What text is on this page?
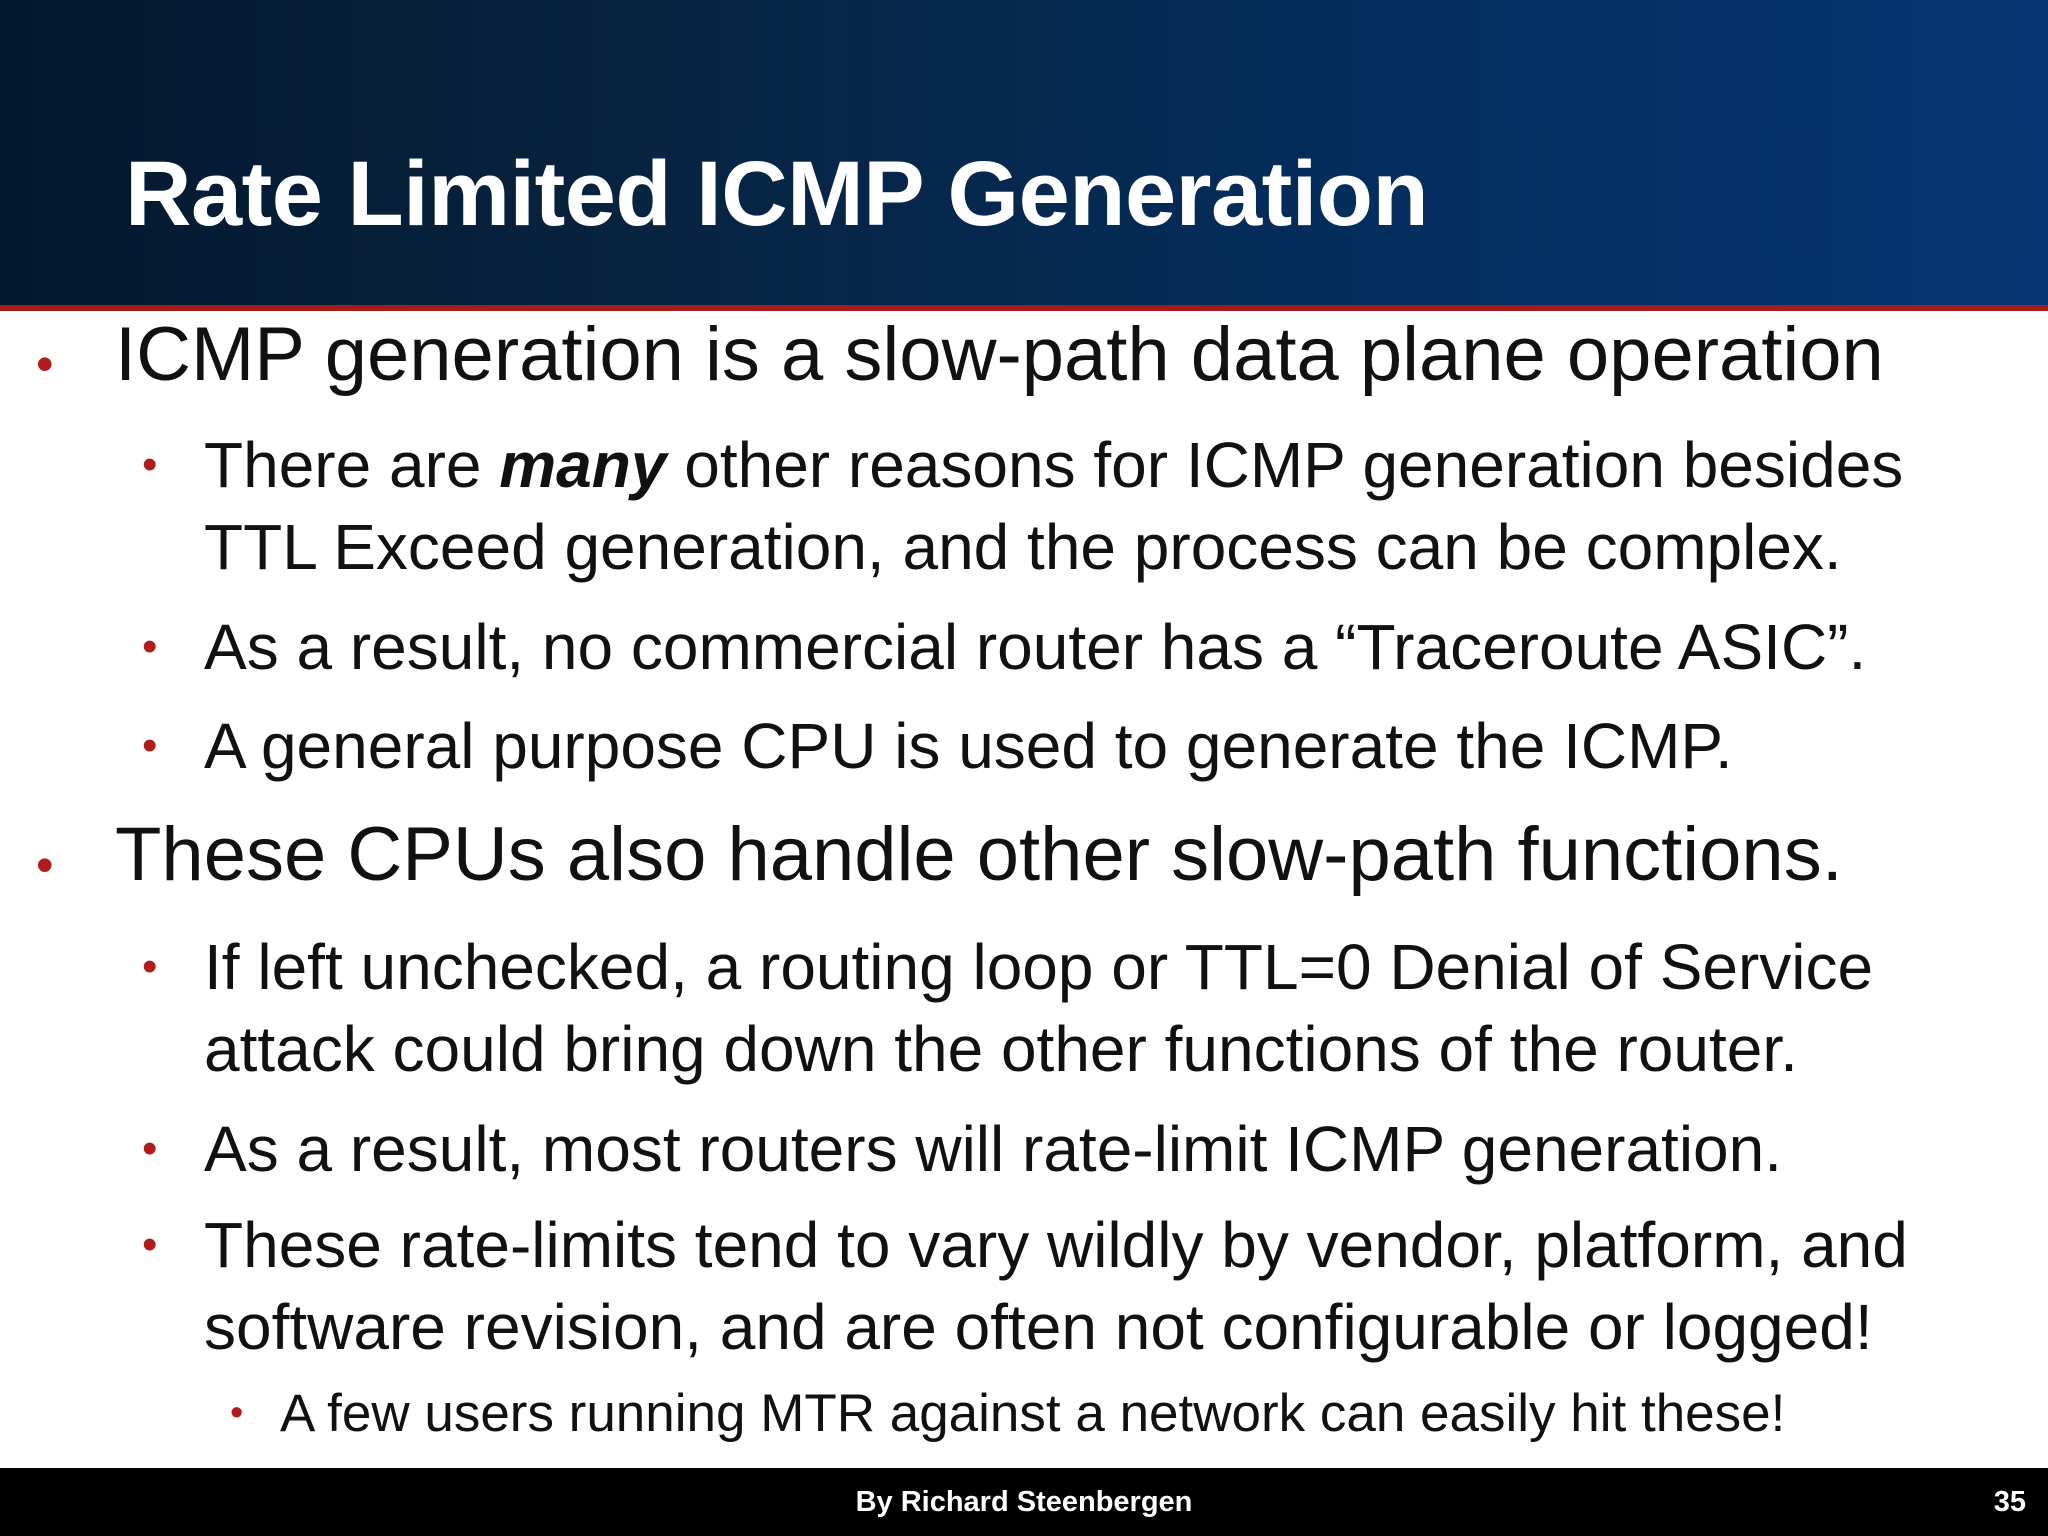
Rate Limited ICMP Generation
• ICMP generation is a slow-path data plane operation
• There are many other reasons for ICMP generation besides
TTL Exceed generation, and the process can be complex.
• As a result, no commercial router has a “Traceroute ASIC”.
• A general purpose CPU is used to generate the ICMP.
• These CPUs also handle other slow-path functions.
• If left unchecked, a routing loop or TTL=0 Denial of Service
attack could bring down the other functions of the router.
• As a result, most routers will rate-limit ICMP generation.
• These rate-limits tend to vary wildly by vendor, platform, and
software revision, and are often not configurable or logged!
• A few users running MTR against a network can easily hit these!
By Richard Steenbergen	35
